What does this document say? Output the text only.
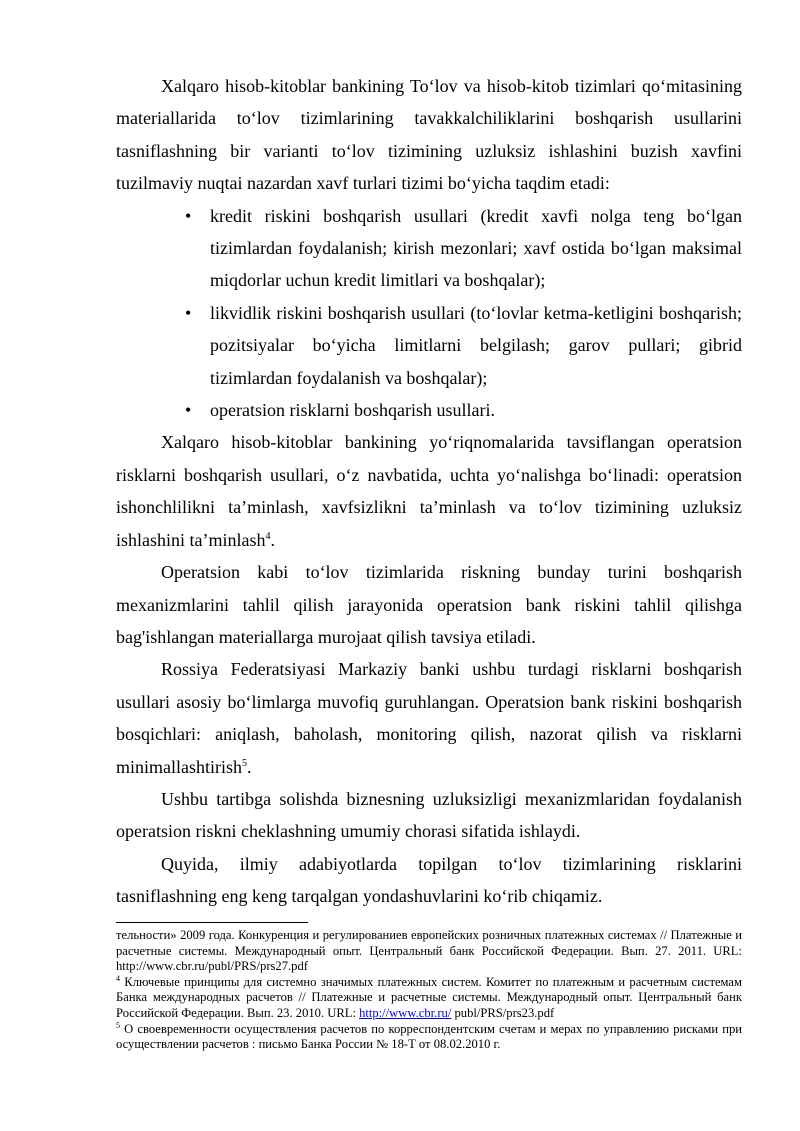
Xalqaro hisob-kitoblar bankining To‘lov va hisob-kitob tizimlari qo‘mitasining materiallarida to‘lov tizimlarining tavakkalchiliklarini boshqarish usullarini tasniflashning bir varianti to‘lov tizimining uzluksiz ishlashini buzish xavfini tuzilmaviy nuqtai nazardan xavf turlari tizimi bo‘yicha taqdim etadi:

• kredit riskini boshqarish usullari (kredit xavfi nolga teng bo‘lgan tizimlardan foydalanish; kirish mezonlari; xavf ostida bo‘lgan maksimal miqdorlar uchun kredit limitlari va boshqalar);
• likvidlik riskini boshqarish usullari (to‘lovlar ketma-ketligini boshqarish; pozitsiyalar bo‘yicha limitlarni belgilash; garov pullari; gibrid tizimlardan foydalanish va boshqalar);
• operatsion risklarni boshqarish usullari.

Xalqaro hisob-kitoblar bankining yo‘riqnomalarida tavsiflangan operatsion risklarni boshqarish usullari, o‘z navbatida, uchta yo‘nalishga bo‘linadi: operatsion ishonchlilikni ta’minlash, xavfsizlikni ta’minlash va to‘lov tizimining uzluksiz ishlashini ta’minlash$^4$.

Operatsion kabi to‘lov tizimlarida riskning bunday turini boshqarish mexanizmlarini tahlil qilish jarayonida operatsion bank riskini tahlil qilishga bag'ishlangan materiallarga murojaat qilish tavsiya etiladi.

Rossiya Federatsiyasi Markaziy banki ushbu turdagi risklarni boshqarish usullari asosiy bo‘limlarga muvofiq guruhlangan. Operatsion bank riskini boshqarish bosqichlari: aniqlash, baholash, monitoring qilish, nazorat qilish va risklarni minimallashtirish$^5$.

Ushbu tartibga solishda biznesning uzluksizligi mexanizmlaridan foydalanish operatsion riskni cheklashning umumiy chorasi sifatida ishlaydi.

Quyida, ilmiy adabiyotlarda topilgan to‘lov tizimlarining risklarini tasniflashning eng keng tarqalgan yondashuvlarini ko‘rib chiqamiz.

тельности» 2009 года. Конкуренция и регулированиев европейских розничных платежных системах // Платежные и расчетные системы. Международный опыт. Центральный банк Российской Федерации. Вып. 27. 2011. URL: http://www.cbr.ru/publ/PRS/prs27.pdf

$^4$ Ключевые принципы для системно значимых платежных систем. Комитет по платежным и расчетным системам Банка международных расчетов // Платежные и расчетные системы. Международный опыт. Центральный банк Российской Федерации. Вып. 23. 2010. URL: http://www.cbr.ru/ publ/PRS/prs23.pdf

$^5$ О своевременности осуществления расчетов по корреспондентским счетам и мерах по управлению рисками при осуществлении расчетов : письмо Банка России № 18-Т от 08.02.2010 г.
